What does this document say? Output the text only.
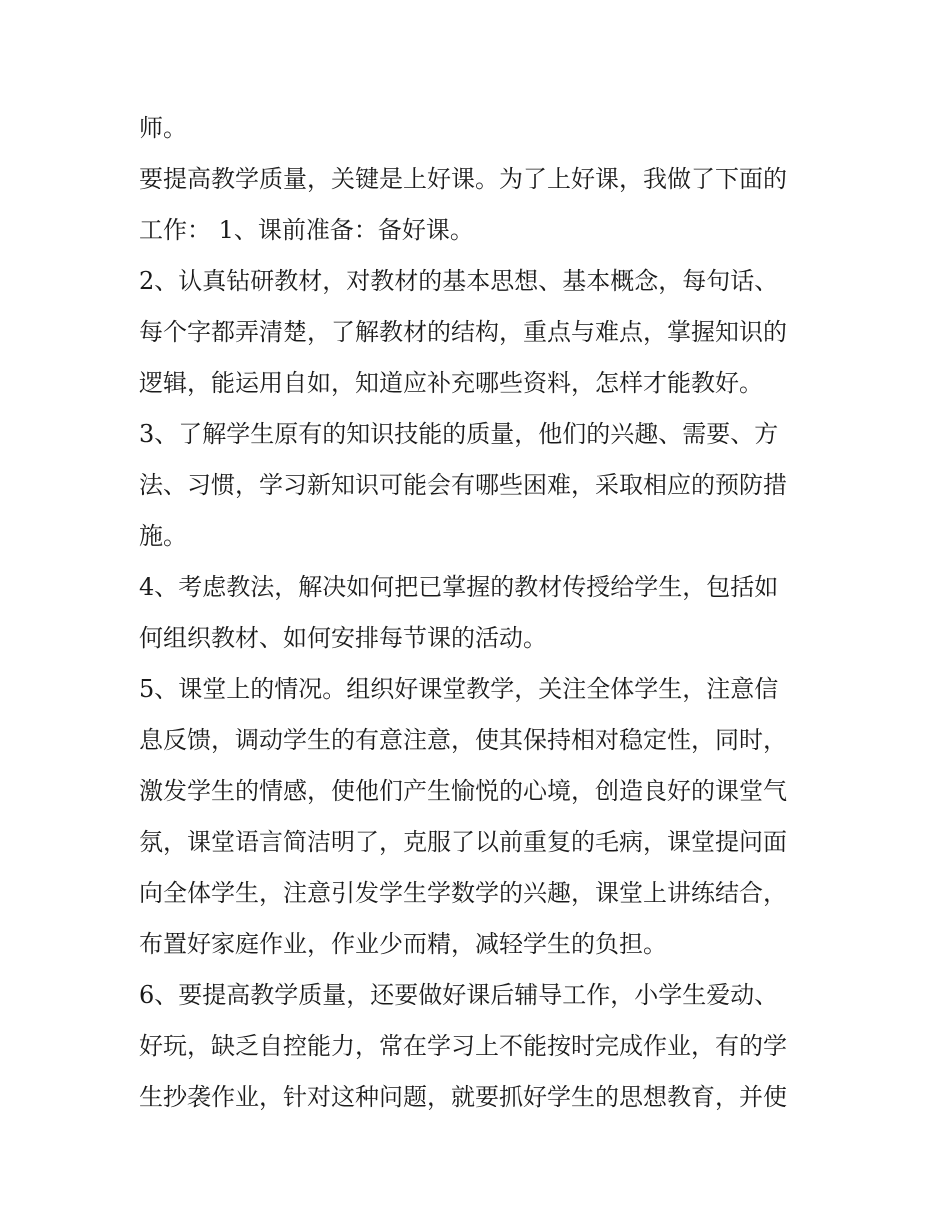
师。
要提高教学质量，关键是上好课。为了上好课，我做了下面的
工作： 1、课前准备：备好课。
2、认真钻研教材，对教材的基本思想、基本概念，每句话、
每个字都弄清楚，了解教材的结构，重点与难点，掌握知识的
逻辑，能运用自如，知道应补充哪些资料，怎样才能教好。
3、了解学生原有的知识技能的质量，他们的兴趣、需要、方
法、习惯，学习新知识可能会有哪些困难，采取相应的预防措
施。
4、考虑教法，解决如何把已掌握的教材传授给学生，包括如
何组织教材、如何安排每节课的活动。
5、课堂上的情况。组织好课堂教学，关注全体学生，注意信
息反馈，调动学生的有意注意，使其保持相对稳定性，同时，
激发学生的情感，使他们产生愉悦的心境，创造良好的课堂气
氛，课堂语言简洁明了，克服了以前重复的毛病，课堂提问面
向全体学生，注意引发学生学数学的兴趣，课堂上讲练结合，
布置好家庭作业，作业少而精，减轻学生的负担。
6、要提高教学质量，还要做好课后辅导工作，小学生爱动、
好玩，缺乏自控能力，常在学习上不能按时完成作业，有的学
生抄袭作业，针对这种问题，就要抓好学生的思想教育，并使
